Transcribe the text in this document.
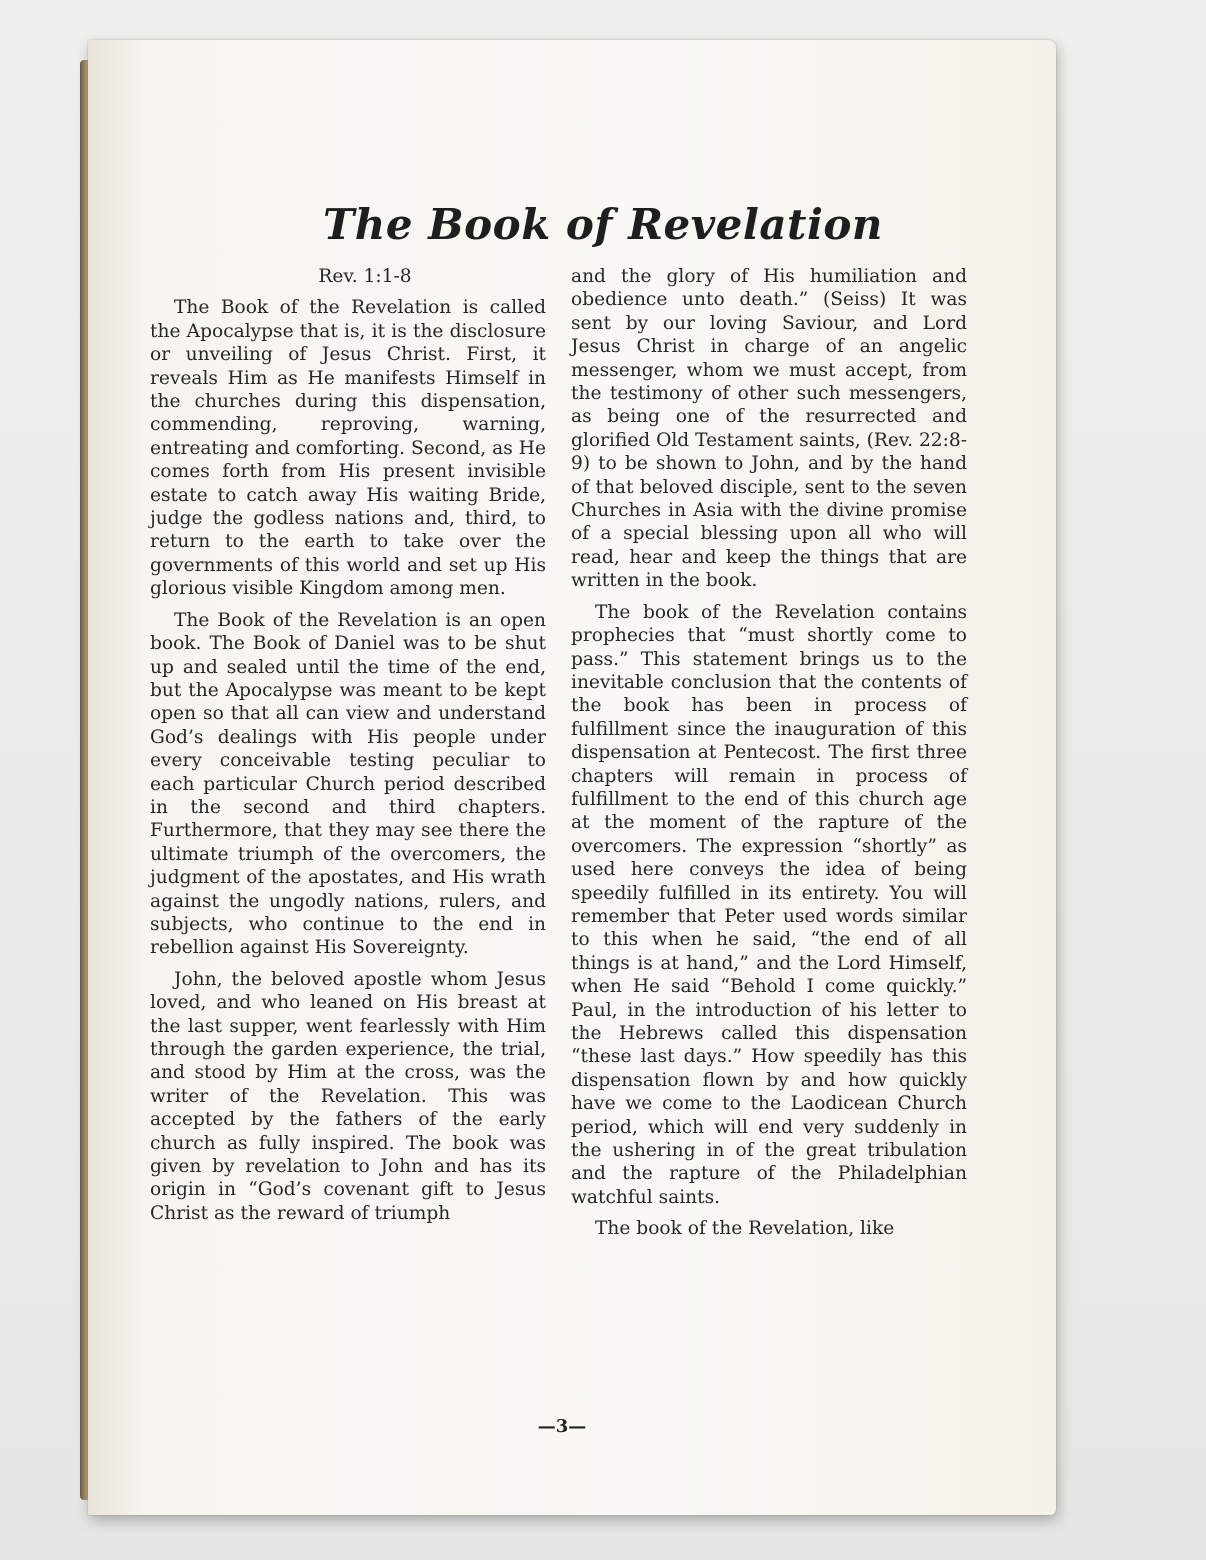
The Book of Revelation

Rev. 1:1-8

The Book of the Revelation is called the Apocalypse that is, it is the disclosure or unveiling of Jesus Christ. First, it reveals Him as He manifests Himself in the churches during this dispensation, commending, reproving, warning, entreating and comforting. Second, as He comes forth from His present invisible estate to catch away His waiting Bride, judge the godless nations and, third, to return to the earth to take over the governments of this world and set up His glorious visible Kingdom among men.

The Book of the Revelation is an open book. The Book of Daniel was to be shut up and sealed until the time of the end, but the Apocalypse was meant to be kept open so that all can view and understand God’s dealings with His people under every conceivable testing peculiar to each particular Church period described in the second and third chapters. Furthermore, that they may see there the ultimate triumph of the overcomers, the judgment of the apostates, and His wrath against the ungodly nations, rulers, and subjects, who continue to the end in rebellion against His Sovereignty.

John, the beloved apostle whom Jesus loved, and who leaned on His breast at the last supper, went fearlessly with Him through the garden experience, the trial, and stood by Him at the cross, was the writer of the Revelation. This was accepted by the fathers of the early church as fully inspired. The book was given by revelation to John and has its origin in “God’s covenant gift to Jesus Christ as the reward of triumph

and the glory of His humiliation and obedience unto death.” (Seiss) It was sent by our loving Saviour, and Lord Jesus Christ in charge of an angelic messenger, whom we must accept, from the testimony of other such messengers, as being one of the resurrected and glorified Old Testament saints, (Rev. 22:8-9) to be shown to John, and by the hand of that beloved disciple, sent to the seven Churches in Asia with the divine promise of a special blessing upon all who will read, hear and keep the things that are written in the book.

The book of the Revelation contains prophecies that “must shortly come to pass.” This statement brings us to the inevitable conclusion that the contents of the book has been in process of fulfillment since the inauguration of this dispensation at Pentecost. The first three chapters will remain in process of fulfillment to the end of this church age at the moment of the rapture of the overcomers. The expression “shortly” as used here conveys the idea of being speedily fulfilled in its entirety. You will remember that Peter used words similar to this when he said, “the end of all things is at hand,” and the Lord Himself, when He said “Behold I come quickly.” Paul, in the introduction of his letter to the Hebrews called this dispensation “these last days.” How speedily has this dispensation flown by and how quickly have we come to the Laodicean Church period, which will end very suddenly in the ushering in of the great tribulation and the rapture of the Philadelphian watchful saints.

The book of the Revelation, like

—3—
